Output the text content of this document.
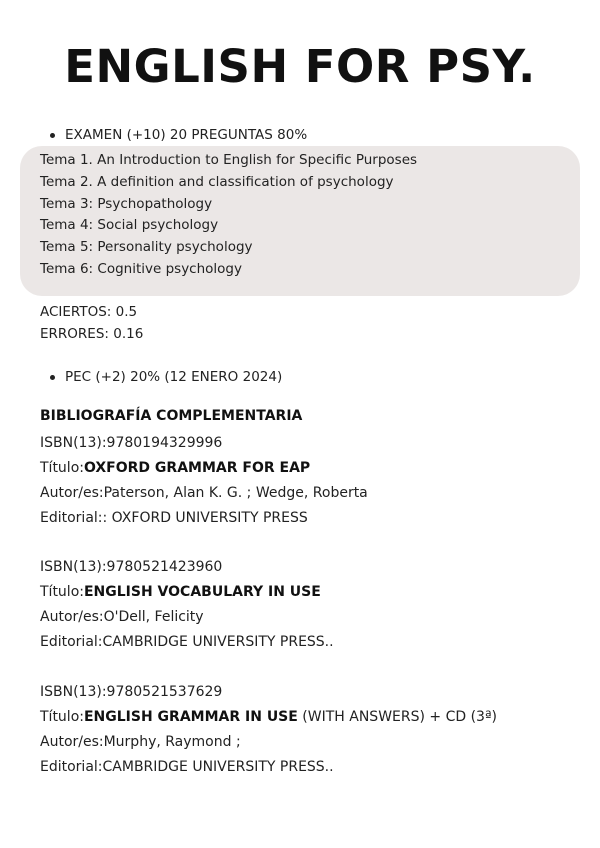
ENGLISH FOR PSY.
EXAMEN (+10) 20 PREGUNTAS 80%
Tema 1. An Introduction to English for Specific Purposes
Tema 2. A definition and classification of psychology
Tema 3: Psychopathology
Tema 4: Social psychology
Tema 5: Personality psychology
Tema 6: Cognitive psychology
ACIERTOS: 0.5
ERRORES: 0.16
PEC (+2) 20% (12 ENERO 2024)
BIBLIOGRAFÍA COMPLEMENTARIA
ISBN(13):9780194329996
Título:OXFORD GRAMMAR FOR EAP
Autor/es:Paterson, Alan K. G. ; Wedge, Roberta
Editorial:: OXFORD UNIVERSITY PRESS
ISBN(13):9780521423960
Título:ENGLISH VOCABULARY IN USE
Autor/es:O'Dell, Felicity
Editorial:CAMBRIDGE UNIVERSITY PRESS..
ISBN(13):9780521537629
Título:ENGLISH GRAMMAR IN USE (WITH ANSWERS) + CD (3ª)
Autor/es:Murphy, Raymond ;
Editorial:CAMBRIDGE UNIVERSITY PRESS..
